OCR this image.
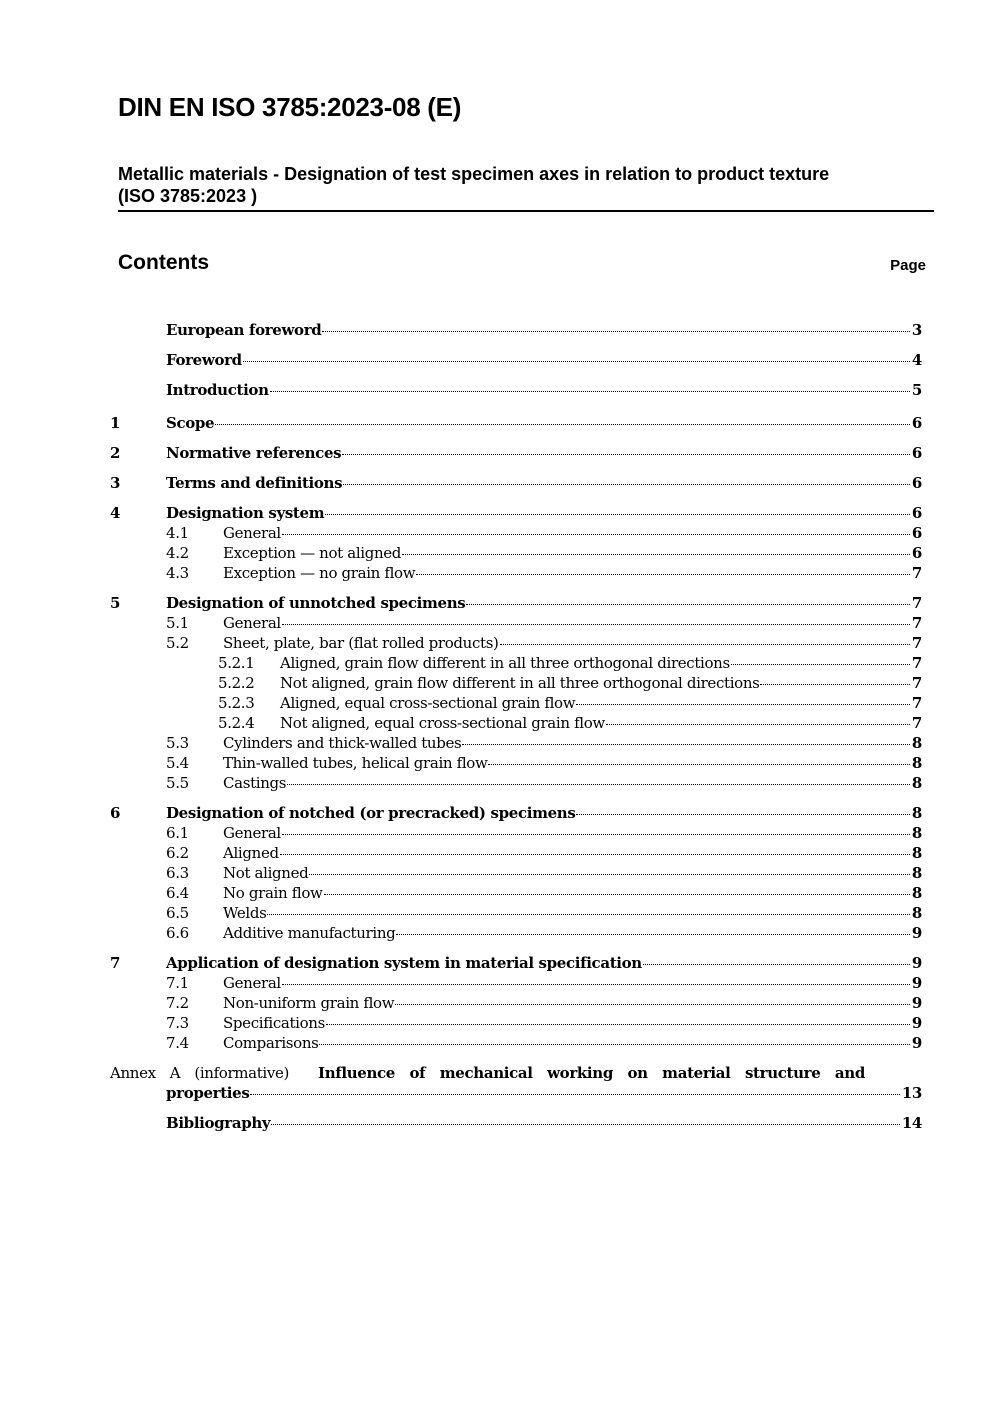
DIN EN ISO 3785:2023-08 (E)
Metallic materials - Designation of test specimen axes in relation to product texture
(ISO 3785:2023 )
Contents	Page
European foreword	3
Foreword	4
Introduction	5
1	Scope	6
2	Normative references	6
3	Terms and definitions	6
4	Designation system	6
4.1 General	6
4.2 Exception — not aligned	6
4.3 Exception — no grain flow	7
5	Designation of unnotched specimens	7
5.1 General	7
5.2 Sheet, plate, bar (flat rolled products)	7
5.2.1 Aligned, grain flow different in all three orthogonal directions	7
5.2.2 Not aligned, grain flow different in all three orthogonal directions	7
5.2.3 Aligned, equal cross-sectional grain flow	7
5.2.4 Not aligned, equal cross-sectional grain flow	7
5.3 Cylinders and thick-walled tubes	8
5.4 Thin-walled tubes, helical grain flow	8
5.5 Castings	8
6	Designation of notched (or precracked) specimens	8
6.1 General	8
6.2 Aligned	8
6.3 Not aligned	8
6.4 No grain flow	8
6.5 Welds	8
6.6 Additive manufacturing	9
7	Application of designation system in material specification	9
7.1 General	9
7.2 Non-uniform grain flow	9
7.3 Specifications	9
7.4 Comparisons	9
Annex A (informative) Influence of mechanical working on material structure and
properties	13
Bibliography	14
